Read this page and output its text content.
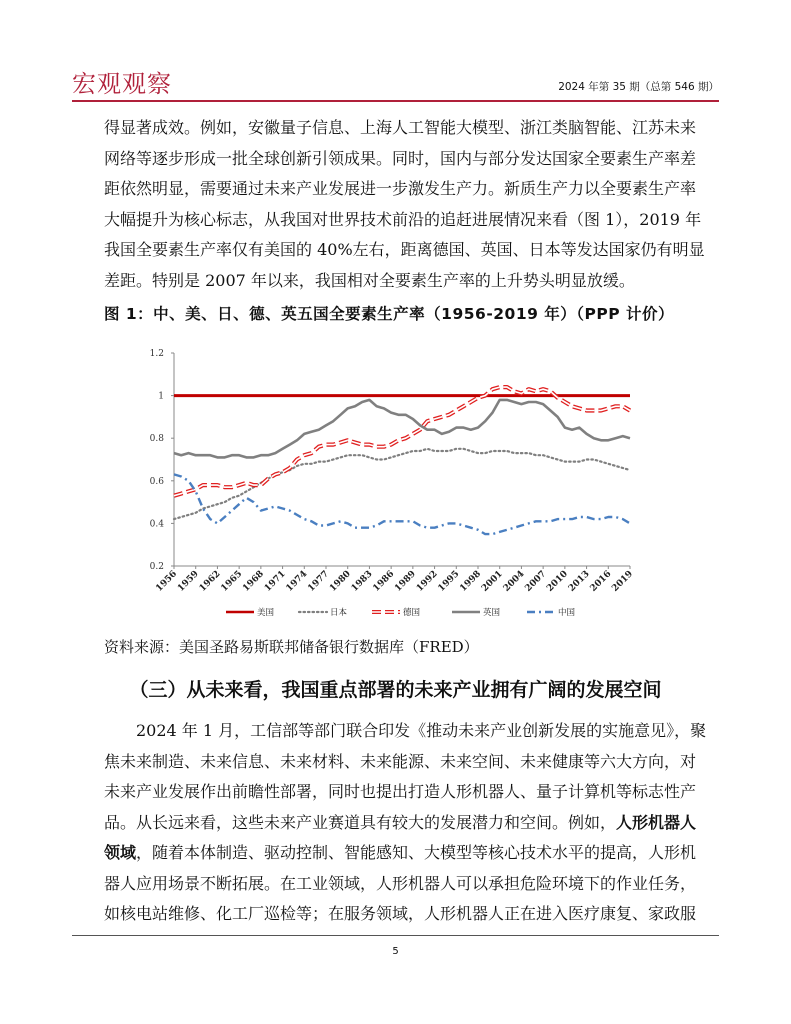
宏观观察	2024 年第 35 期（总第 546 期）

得显著成效。例如，安徽量子信息、上海人工智能大模型、浙江类脑智能、江苏未来
网络等逐步形成一批全球创新引领成果。同时，国内与部分发达国家全要素生产率差
距依然明显，需要通过未来产业发展进一步激发生产力。新质生产力以全要素生产率
大幅提升为核心标志，从我国对世界技术前沿的追赶进展情况来看（图 1），2019 年
我国全要素生产率仅有美国的 40%左右，距离德国、英国、日本等发达国家仍有明显
差距。特别是 2007 年以来，我国相对全要素生产率的上升势头明显放缓。

图 1：中、美、日、德、英五国全要素生产率（1956-2019 年）（PPP 计价）
0.2
0.4
0.6
0.8
1
1.2
1956
1959
1962
1965
1968
1971
1974
1977
1980
1983
1986
1989
1992
1995
1998
2001
2004
2007
2010
2013
2016
2019
美国	日本	德国	英国	中国
资料来源：美国圣路易斯联邦储备银行数据库（FRED）
（三）从未来看，我国重点部署的未来产业拥有广阔的发展空间

2024 年 1 月，工信部等部门联合印发《推动未来产业创新发展的实施意见》，聚
焦未来制造、未来信息、未来材料、未来能源、未来空间、未来健康等六大方向，对
未来产业发展作出前瞻性部署，同时也提出打造人形机器人、量子计算机等标志性产
品。从长远来看，这些未来产业赛道具有较大的发展潜力和空间。例如，人形机器人
领域，随着本体制造、驱动控制、智能感知、大模型等核心技术水平的提高，人形机
器人应用场景不断拓展。在工业领域，人形机器人可以承担危险环境下的作业任务，
如核电站维修、化工厂巡检等；在服务领域，人形机器人正在进入医疗康复、家政服

5
